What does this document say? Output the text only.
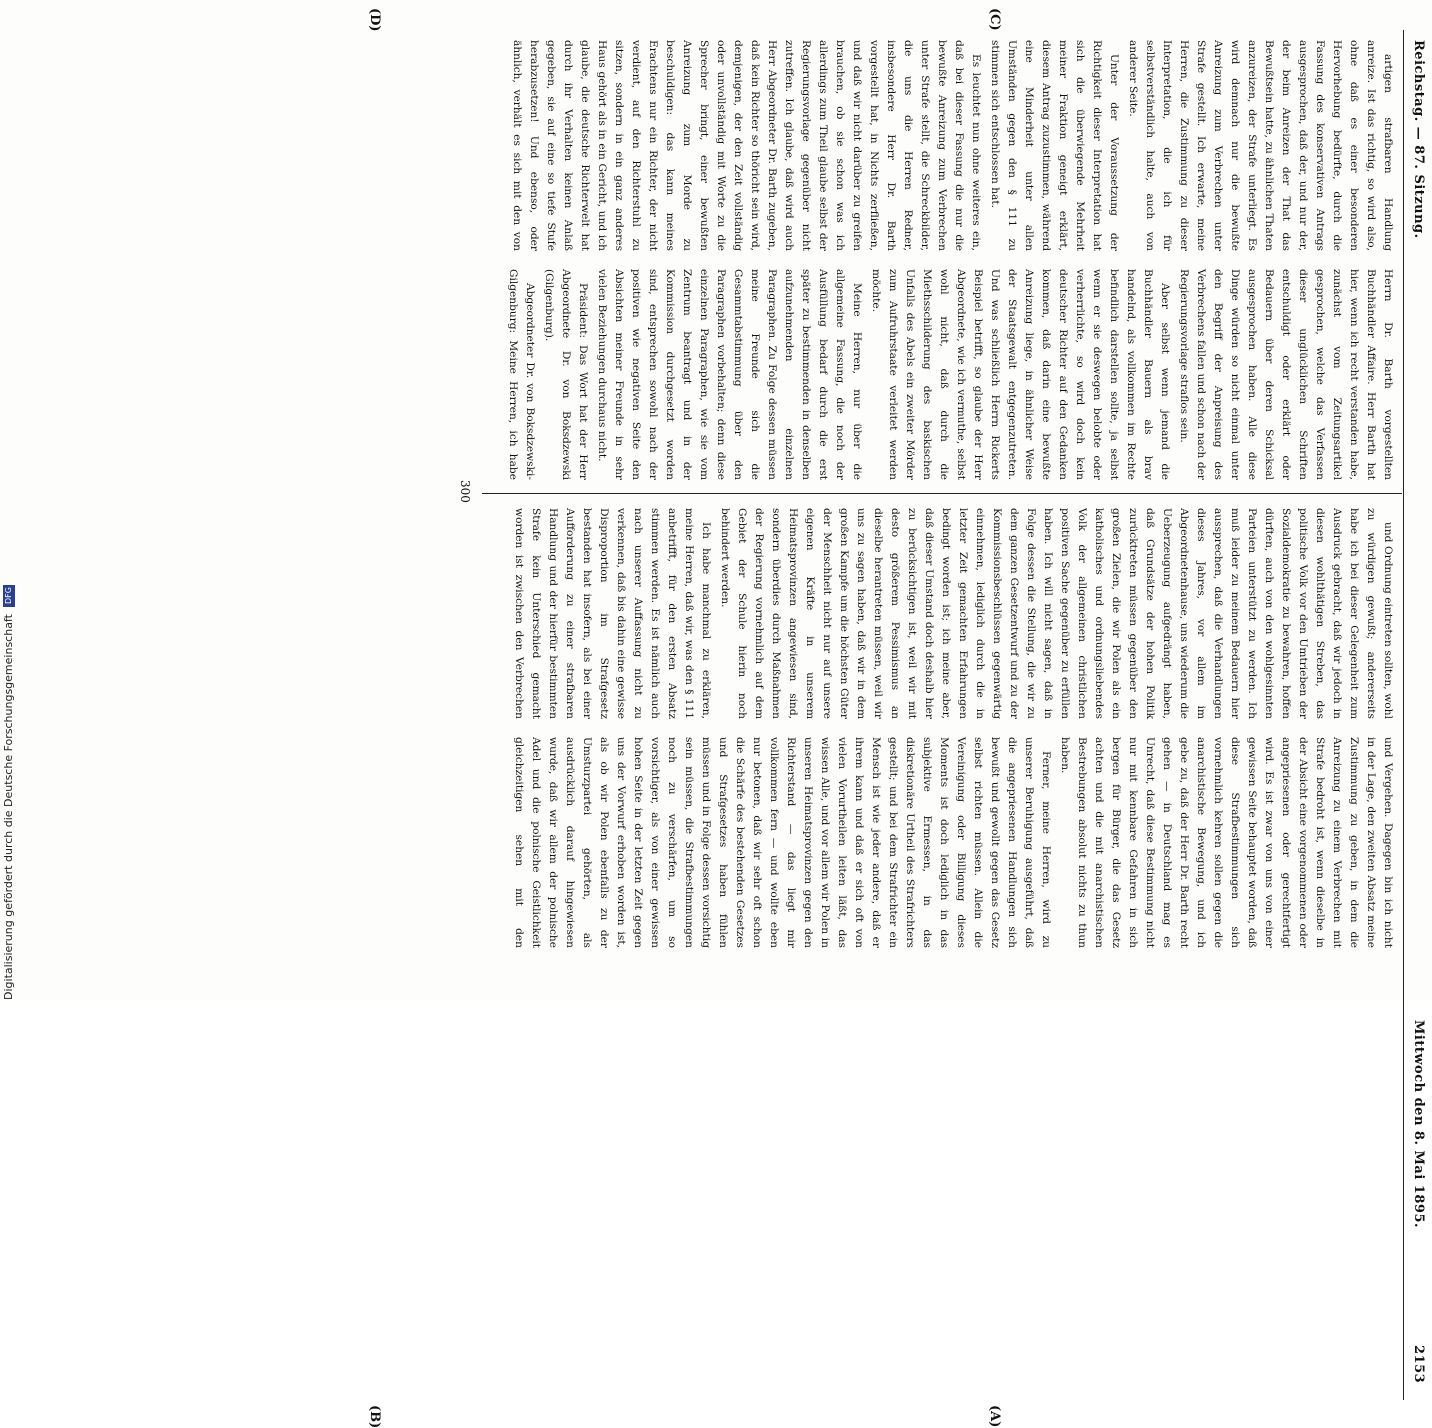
Reichstag. — 87. Sitzung.
Mittwoch den 8. Mai 1895.
2153

artigen strafbaren Handlung anreize. Ist das richtig, so wird also, ohne daß es einer besonderen Hervorhebung bedürfte, durch die Fassung des konservativen Antrags ausgesprochen, daß der, und nur der, der beim Anreizen der That das Bewußtsein hatte, zu ähnlichen Thaten anzureizen, der Strafe unterliegt. Es wird demnach nur die bewußte Anreizung zum Verbrechen unter Strafe gestellt. Ich erwarte, meine Herren, die Zustimmung zu dieser Interpretation, die ich für selbstverständlich halte, auch von anderer Seite.

Unter der Voraussetzung der Richtigkeit dieser Interpretation hat sich die überwiegende Mehrheit meiner Fraktion geneigt erklärt, diesem Antrag zuzustimmen, während eine Minderheit unter allen Umständen gegen den § 111 zu stimmen sich entschlossen hat.

Es leuchtet nun ohne weiteres ein, daß bei dieser Fassung die nur die bewußte Anreizung zum Verbrechen unter Strafe stellt, die Schreckbilder, die uns die Herren Redner, insbesondere Herr Dr. Barth vorgestellt hat, in Nichts zerfließen, und daß wir nicht darüber zu greifen brauchen, ob sie schon was ich allerdings zum Theil glaube selbst der Regierungsvorlage gegenüber nicht zutreffen. Ich glaube, daß wird auch Herr Abgeordneter Dr. Barth zugeben, daß kein Richter so thöricht sein wird, demjenigen, der den Zeit vollständig oder unvollständig mit Worte zu die Sprecher bringt, einer bewußten Anreizung zum Morde zu beschuldigen: das kann meines Erachtens nur ein Richter, der nicht verdient, auf den Richterstuhl zu sitzen, sondern in ein ganz anderes Haus gehört als in ein Gericht, und ich glaube, die deutsche Richterwelt hat durch ihr Verhalten keinen Anlaß gegeben, sie auf eine so tiefe Stufe herabzusetzen! Und ebenso, oder ähnlich, verhält es sich mit den von Herrn Dr. Barth vorgestellten Buchhändler Affaire. Herr Barth hat hier, wenn ich recht verstanden habe, zunächst vom Zeitungsartikel gesprochen, welche das Verfassen dieser unglücklichen Schriften entschuldigt oder erklärt oder Bedauern über deren Schicksal ausgesprochen haben. Alle diese Dinge würden so nicht einmal unter den Begriff der Anpreisung des Verbrechens fallen und schon nach der Regierungsvorlage straflos sein.

Aber selbst wenn jemand die Buchhändler Bauern als brav handelnd, als vollkommen im Rechte befindlich darstellen sollte, ja selbst wenn er sie deswegen belobte oder verherrlichte, so wird doch kein deutscher Richter auf den Gedanken kommen, daß darin eine bewußte Anreizung liege, in ähnlicher Weise der Staatsgewalt entgegenzutreten. Und was schließlich Herrn Rickerts Beispiel betrifft, so glaube der Herr Abgeordnete, wie ich vermuthe, selbst wohl nicht, daß durch die Miethsschilderung des baskischen Unfalls des Abels ein zweiter Mörder zum Aufruhrstaate verleitet werden möchte.

Meine Herren, nur über die allgemeine Fassung, die noch der Ausfüllung bedarf durch die erst später zu bestimmenden in denselben aufzunehmenden einzelnen Paragraphen. Zu Folge dessen müssen meine Freunde sich die Gesammtabstimmung über den Paragraphen vorbehalten; denn diese einzelnen Paragraphen, wie sie vom Zentrum beantragt und in der Kommission durchgesetzt worden sind, entsprechen sowohl nach der positiven wie negativen Seite den Absichten meiner Freunde in sehr vielen Beziehungen durchaus nicht.

Präsident: Das Wort hat der Herr Abgeordnete Dr. von Boksdzewski (Gilgenburg).

Abgeordneter Dr. von Boksdzewski-Gilgenburg: Meine Herren, ich habe

und Ordnung eintreten sollten, wohl zu würdigen gewußt; andererseits habe ich bei dieser Gelegenheit zum Ausdruck gebracht, daß wir jedoch in diesen wohlthätigen Streben, das politische Volk vor den Umtrieben der Sozialdemokratie zu bewahren, hoffen dürften, auch von den wohlgesinnten Parteien unterstützt zu werden. Ich muß leider zu meinem Bedauern hier aussprechen, daß die Verhandlungen dieses Jahres, vor allem im Abgeordnetenhause, uns wiederum die Ueberzeugung aufgedrängt haben, daß Grundsätze der hohen Politik zurücktreten müssen gegenüber den großen Zielen, die wir Polen als ein katholisches und ordnungsliebendes Volk der allgemeinen christlichen positiven Sache gegenüber zu erfüllen haben. Ich will nicht sagen, daß in Folge dessen die Stellung, die wir zu dem ganzen Gesetzentwurf und zu der Kommissionsbeschlüssen gegenwärtig einnehmen, lediglich durch die in letzter Zeit gemachten Erfahrungen bedingt worden ist; ich meine aber, daß dieser Umstand doch deshalb hier zu berücksichtigen ist, weil wir mit desto größerem Pessimismus an dieselbe herantreten müssen, weil wir uns zu sagen haben, daß wir in dem großen Kampfe um die höchsten Güter der Menschheit nicht nur auf unsere eigenen Kräfte in unserem Heimatsprovinzen angewiesen sind, sondern überdies durch Maßnahmen der Regierung vornehmlich auf dem Gebiet der Schule hierin noch behindert werden.

Ich habe manchmal zu erklären, meine Herren, daß wir, was den § 111 anbetrifft, für den ersten Absatz stimmen werden. Es ist nämlich auch nach unserer Auffassung nicht zu verkennen, daß bis dahin eine gewisse Disproportion im Strafgesetz bestanden hat insofern, als bei einer Aufforderung zu einer strafbaren Handlung und der hierfür bestimmten Strafe kein Unterschied gemacht worden ist zwischen den Verbrechen und Vergehen. Dagegen bin ich nicht in der Lage, den zweiten Absatz meine Zustimmung zu geben, in dem die Anreizung zu einem Verbrechen mit Strafe bedroht ist, wenn dieselbe in der Absicht eine vorgenommenen oder angepriesenen oder gerechtfertigt wird. Es ist zwar von uns von einer gewissen Seite behauptet worden, daß diese Strafbestimmungen sich vornehmlich kehren sollen gegen die anarchistische Bewegung, und ich gebe zu, daß der Herr Dr. Barth recht gehen — in Deutschland mag es Unrecht, daß diese Bestimmung nicht nur mit kennbare Gefahren in sich bergen für Bürger, die das Gesetz achten und die mit anarchistischen Bestrebungen absolut nichts zu thun haben.

Ferner, meine Herren, wird zu unserer Beruhigung ausgeführt, daß die angepriesenen Handlungen sich bewußt und gewollt gegen das Gesetz selbst richten müssen. Allein die Vereinigung oder Billigung dieses Moments ist doch lediglich in das subjektive Ermessen, in das diskretionäre Urtheil des Strafrichters gestellt; und bei dem Strafrichter ein Mensch ist wie jeder andere, daß er ihrem kann und daß er sich oft von vielen Vorurtheilen leiten läßt, das wissen Alle, und vor allem wir Polen in unseren Heimatsprovinzen gegen den Richterstand — das liegt mir vollkommen fern — und wollte eben nur betonen, daß wir sehr oft schon die Schärfe des bestehenden Gesetzes und Strafgesetzes haben fühlen müssen und in Folge dessen vorsichtig sein müssen, die Strafbestimmungen noch zu verschärfen, um so vorsichtiger, als von einer gewissen hohen Seite in der letzten Zeit gegen uns der Vorwurf erhoben worden ist, als ob wir Polen ebenfalls zu der Umsturzpartei gehörten, als ausdrücklich darauf hingewiesen wurde, daß wir allem der polnische Adel und die polnische Geistlichkeit gleichzeitigen sehen mit den

(C)
(D)
(A)
(B)
300
Digitalisierung gefördert durch die Deutsche Forschungsgemeinschaft DFG
